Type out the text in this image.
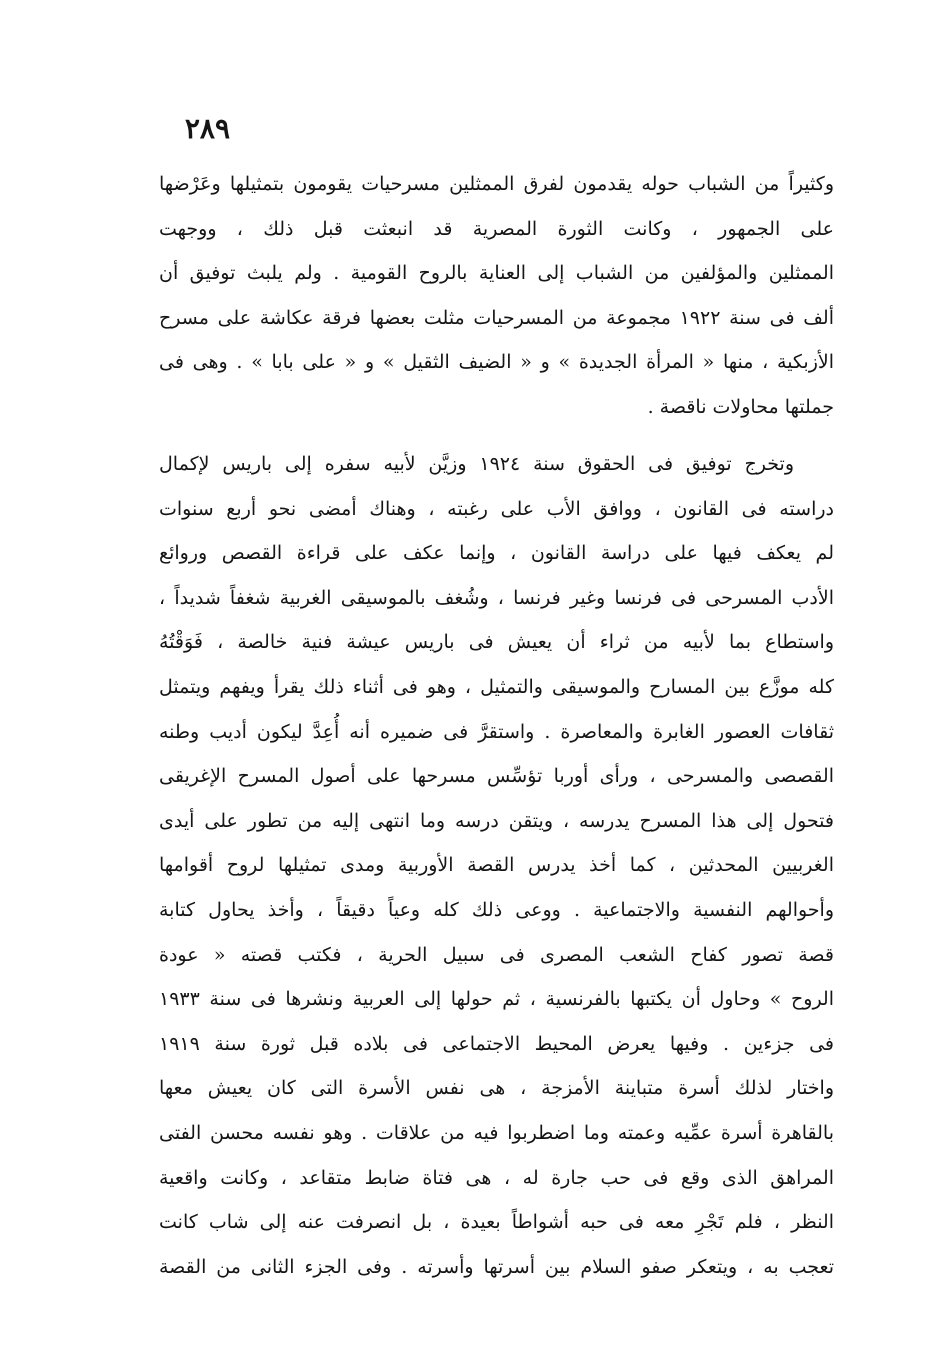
٢٨٩

وكثيراً من الشباب حوله يقدمون لفرق الممثلين مسرحيات يقومون بتمثيلها وعَرْضها
على الجمهور ، وكانت الثورة المصرية قد انبعثت قبل ذلك ، ووجهت
الممثلين والمؤلفين من الشباب إلى العناية بالروح القومية . ولم يلبث توفيق أن
ألف فى سنة ١٩٢٢ مجموعة من المسرحيات مثلت بعضها فرقة عكاشة على مسرح
الأزبكية ، منها « المرأة الجديدة » و « الضيف الثقيل » و « على بابا » . وهى فى
جملتها محاولات ناقصة .
وتخرج توفيق فى الحقوق سنة ١٩٢٤ وزيَّن لأبيه سفره إلى باريس لإكمال
دراسته فى القانون ، ووافق الأب على رغبته ، وهناك أمضى نحو أربع سنوات
لم يعكف فيها على دراسة القانون ، وإنما عكف على قراءة القصص وروائع
الأدب المسرحى فى فرنسا وغير فرنسا ، وشُغف بالموسيقى الغربية شغفاً شديداً ،
واستطاع بما لأبيه من ثراء أن يعيش فى باريس عيشة فنية خالصة ، فَوَقْتُهُ
كله موزَّع بين المسارح والموسيقى والتمثيل ، وهو فى أثناء ذلك يقرأ ويفهم ويتمثل
ثقافات العصور الغابرة والمعاصرة . واستقرَّ فى ضميره أنه أُعِدَّ ليكون أديب وطنه
القصصى والمسرحى ، ورأى أوربا تؤسِّس مسرحها على أصول المسرح الإغريقى
فتحول إلى هذا المسرح يدرسه ، ويتقن درسه وما انتهى إليه من تطور على أيدى
الغربيين المحدثين ، كما أخذ يدرس القصة الأوربية ومدى تمثيلها لروح أقوامها
وأحوالهم النفسية والاجتماعية . ووعى ذلك كله وعياً دقيقاً ، وأخذ يحاول كتابة
قصة تصور كفاح الشعب المصرى فى سبيل الحرية ، فكتب قصته « عودة
الروح » وحاول أن يكتبها بالفرنسية ، ثم حولها إلى العربية ونشرها فى سنة ١٩٣٣
فى جزءين . وفيها يعرض المحيط الاجتماعى فى بلاده قبل ثورة سنة ١٩١٩
واختار لذلك أسرة متباينة الأمزجة ، هى نفس الأسرة التى كان يعيش معها
بالقاهرة أسرة عمِّيه وعمته وما اضطربوا فيه من علاقات . وهو نفسه محسن الفتى
المراهق الذى وقع فى حب جارة له ، هى فتاة ضابط متقاعد ، وكانت واقعية
النظر ، فلم تَجْرِ معه فى حبه أشواطاً بعيدة ، بل انصرفت عنه إلى شاب كانت
تعجب به ، ويتعكر صفو السلام بين أسرتها وأسرته . وفى الجزء الثانى من القصة
